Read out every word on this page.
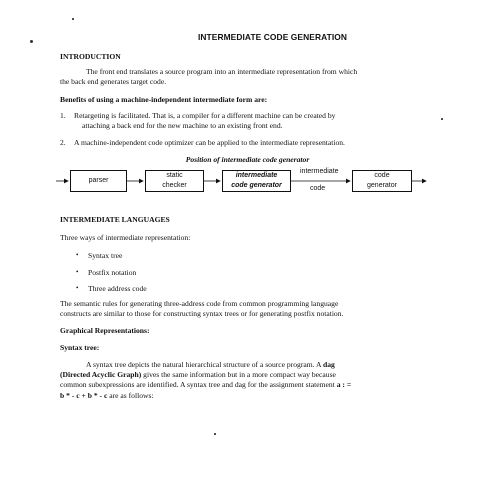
INTERMEDIATE CODE GENERATION
INTRODUCTION
The front end translates a source program into an intermediate representation from which
the back end generates target code.
Benefits of using a machine-independent intermediate form are:
1. Retargeting is facilitated. That is, a compiler for a different machine can be created by
attaching a back end for the new machine to an existing front end.
2. A machine-independent code optimizer can be applied to the intermediate representation.
Position of intermediate code generator
parser
static
checker
intermediate
code generator
intermediate
code
code
generator
INTERMEDIATE LANGUAGES
Three ways of intermediate representation:
• Syntax tree
• Postfix notation
• Three address code
The semantic rules for generating three-address code from common programming language
constructs are similar to those for constructing syntax trees or for generating postfix notation.
Graphical Representations:
Syntax tree:
A syntax tree depicts the natural hierarchical structure of a source program. A dag
(Directed Acyclic Graph) gives the same information but in a more compact way because
common subexpressions are identified. A syntax tree and dag for the assignment statement a : =
b * - c + b * - c are as follows:
